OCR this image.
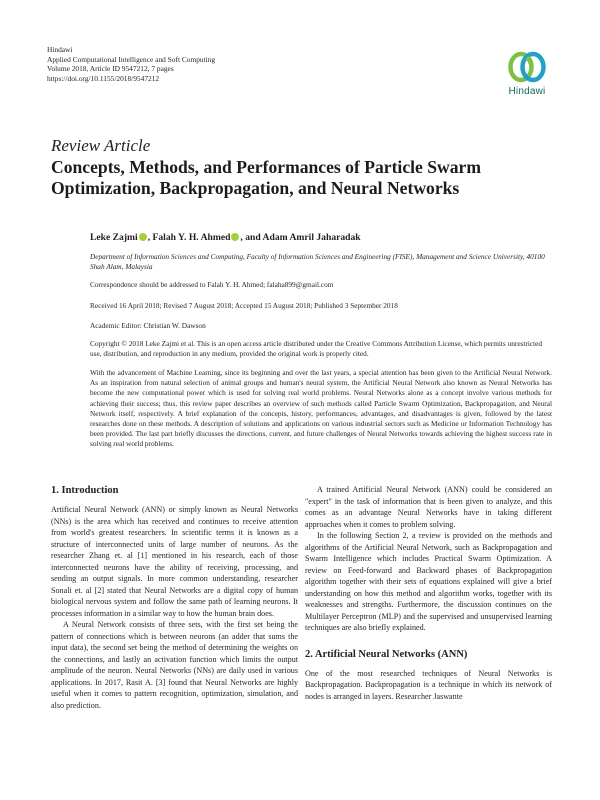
Hindawi
Applied Computational Intelligence and Soft Computing
Volume 2018, Article ID 9547212, 7 pages
https://doi.org/10.1155/2018/9547212
Hindawi
Review Article
Concepts, Methods, and Performances of Particle Swarm Optimization, Backpropagation, and Neural Networks
Leke Zajmi , Falah Y. H. Ahmed , and Adam Amril Jaharadak
Department of Information Sciences and Computing, Faculty of Information Sciences and Engineering (FISE), Management and Science University, 40100 Shah Alam, Malaysia
Correspondence should be addressed to Falah Y. H. Ahmed; falaha899@gmail.com
Received 16 April 2018; Revised 7 August 2018; Accepted 15 August 2018; Published 3 September 2018
Academic Editor: Christian W. Dawson
Copyright © 2018 Leke Zajmi et al. This is an open access article distributed under the Creative Commons Attribution License, which permits unrestricted use, distribution, and reproduction in any medium, provided the original work is properly cited.
With the advancement of Machine Learning, since its beginning and over the last years, a special attention has been given to the Artificial Neural Network. As an inspiration from natural selection of animal groups and human's neural system, the Artificial Neural Network also known as Neural Networks has become the new computational power which is used for solving real world problems. Neural Networks alone as a concept involve various methods for achieving their success; thus, this review paper describes an overview of such methods called Particle Swarm Optimization, Backpropagation, and Neural Network itself, respectively. A brief explanation of the concepts, history, performances, advantages, and disadvantages is given, followed by the latest researches done on these methods. A description of solutions and applications on various industrial sectors such as Medicine or Information Technology has been provided. The last part briefly discusses the directions, current, and future challenges of Neural Networks towards achieving the highest success rate in solving real world problems.
1. Introduction

Artificial Neural Network (ANN) or simply known as Neural Networks (NNs) is the area which has received and continues to receive attention from world's greatest researchers. In scientific terms it is known as a structure of interconnected units of large number of neurons. As the researcher Zhang et. al [1] mentioned in his research, each of those interconnected neurons have the ability of receiving, processing, and sending an output signals. In more common understanding, researcher Sonali et. al [2] stated that Neural Networks are a digital copy of human biological nervous system and follow the same path of learning neurons. It processes information in a similar way to how the human brain does.

A Neural Network consists of three sets, with the first set being the pattern of connections which is between neurons (an adder that sums the input data), the second set being the method of determining the weights on the connections, and lastly an activation function which limits the output amplitude of the neuron. Neural Networks (NNs) are daily used in various applications. In 2017, Rasit A. [3] found that Neural Networks are highly useful when it comes to pattern recognition, optimization, simulation, and also prediction.

A trained Artificial Neural Network (ANN) could be considered an "expert" in the task of information that is been given to analyze, and this comes as an advantage Neural Networks have in taking different approaches when it comes to problem solving.

In the following Section 2, a review is provided on the methods and algorithms of the Artificial Neural Network, such as Backpropagation and Swarm Intelligence which includes Practical Swarm Optimization. A review on Feed-forward and Backward phases of Backpropagation algorithm together with their sets of equations explained will give a brief understanding on how this method and algorithm works, together with its weaknesses and strengths. Furthermore, the discussion continues on the Multilayer Perceptron (MLP) and the supervised and unsupervised learning techniques are also briefly explained.

2. Artificial Neural Networks (ANN)

One of the most researched techniques of Neural Networks is Backpropagation. Backpropagation is a technique in which its network of nodes is arranged in layers. Researcher Jaswante
